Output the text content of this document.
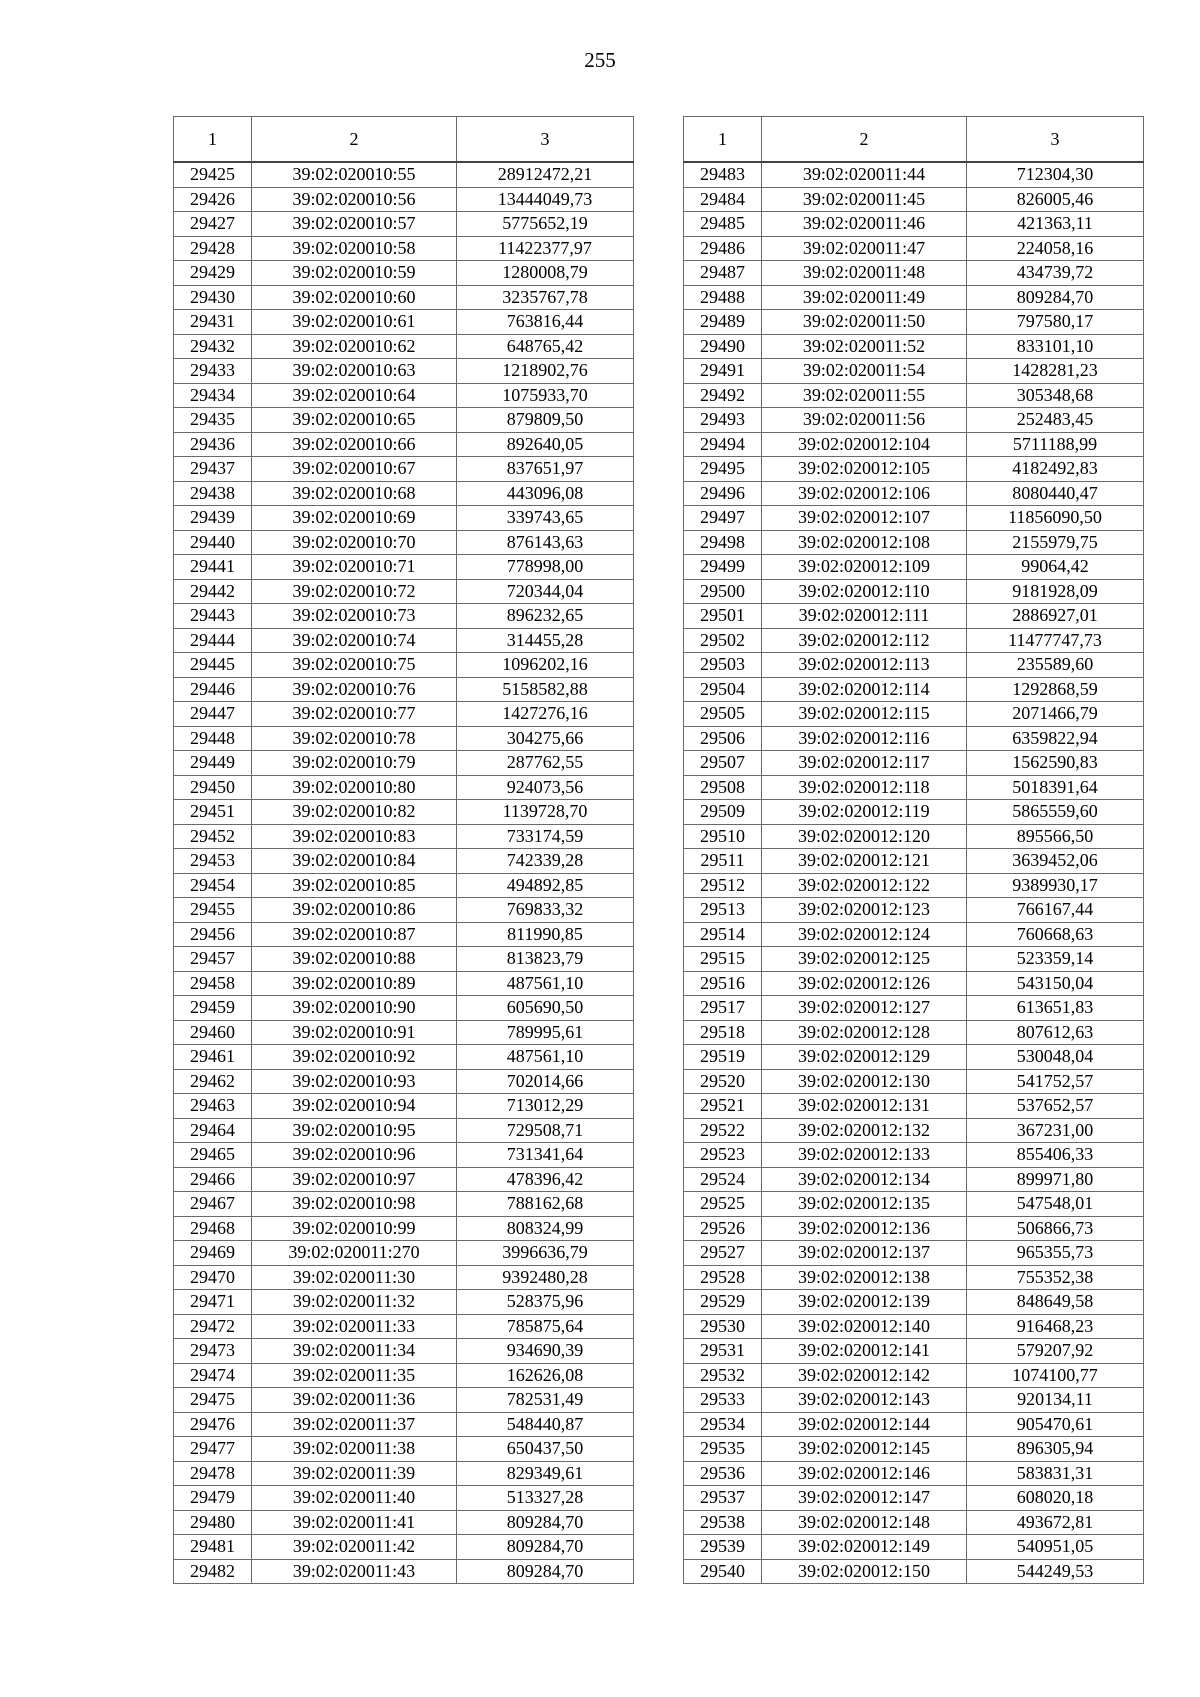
255
1	2	3
29425	39:02:020010:55	28912472,21
29426	39:02:020010:56	13444049,73
29427	39:02:020010:57	5775652,19
29428	39:02:020010:58	11422377,97
29429	39:02:020010:59	1280008,79
29430	39:02:020010:60	3235767,78
29431	39:02:020010:61	763816,44
29432	39:02:020010:62	648765,42
29433	39:02:020010:63	1218902,76
29434	39:02:020010:64	1075933,70
29435	39:02:020010:65	879809,50
29436	39:02:020010:66	892640,05
29437	39:02:020010:67	837651,97
29438	39:02:020010:68	443096,08
29439	39:02:020010:69	339743,65
29440	39:02:020010:70	876143,63
29441	39:02:020010:71	778998,00
29442	39:02:020010:72	720344,04
29443	39:02:020010:73	896232,65
29444	39:02:020010:74	314455,28
29445	39:02:020010:75	1096202,16
29446	39:02:020010:76	5158582,88
29447	39:02:020010:77	1427276,16
29448	39:02:020010:78	304275,66
29449	39:02:020010:79	287762,55
29450	39:02:020010:80	924073,56
29451	39:02:020010:82	1139728,70
29452	39:02:020010:83	733174,59
29453	39:02:020010:84	742339,28
29454	39:02:020010:85	494892,85
29455	39:02:020010:86	769833,32
29456	39:02:020010:87	811990,85
29457	39:02:020010:88	813823,79
29458	39:02:020010:89	487561,10
29459	39:02:020010:90	605690,50
29460	39:02:020010:91	789995,61
29461	39:02:020010:92	487561,10
29462	39:02:020010:93	702014,66
29463	39:02:020010:94	713012,29
29464	39:02:020010:95	729508,71
29465	39:02:020010:96	731341,64
29466	39:02:020010:97	478396,42
29467	39:02:020010:98	788162,68
29468	39:02:020010:99	808324,99
29469	39:02:020011:270	3996636,79
29470	39:02:020011:30	9392480,28
29471	39:02:020011:32	528375,96
29472	39:02:020011:33	785875,64
29473	39:02:020011:34	934690,39
29474	39:02:020011:35	162626,08
29475	39:02:020011:36	782531,49
29476	39:02:020011:37	548440,87
29477	39:02:020011:38	650437,50
29478	39:02:020011:39	829349,61
29479	39:02:020011:40	513327,28
29480	39:02:020011:41	809284,70
29481	39:02:020011:42	809284,70
29482	39:02:020011:43	809284,70
1	2	3
29483	39:02:020011:44	712304,30
29484	39:02:020011:45	826005,46
29485	39:02:020011:46	421363,11
29486	39:02:020011:47	224058,16
29487	39:02:020011:48	434739,72
29488	39:02:020011:49	809284,70
29489	39:02:020011:50	797580,17
29490	39:02:020011:52	833101,10
29491	39:02:020011:54	1428281,23
29492	39:02:020011:55	305348,68
29493	39:02:020011:56	252483,45
29494	39:02:020012:104	5711188,99
29495	39:02:020012:105	4182492,83
29496	39:02:020012:106	8080440,47
29497	39:02:020012:107	11856090,50
29498	39:02:020012:108	2155979,75
29499	39:02:020012:109	99064,42
29500	39:02:020012:110	9181928,09
29501	39:02:020012:111	2886927,01
29502	39:02:020012:112	11477747,73
29503	39:02:020012:113	235589,60
29504	39:02:020012:114	1292868,59
29505	39:02:020012:115	2071466,79
29506	39:02:020012:116	6359822,94
29507	39:02:020012:117	1562590,83
29508	39:02:020012:118	5018391,64
29509	39:02:020012:119	5865559,60
29510	39:02:020012:120	895566,50
29511	39:02:020012:121	3639452,06
29512	39:02:020012:122	9389930,17
29513	39:02:020012:123	766167,44
29514	39:02:020012:124	760668,63
29515	39:02:020012:125	523359,14
29516	39:02:020012:126	543150,04
29517	39:02:020012:127	613651,83
29518	39:02:020012:128	807612,63
29519	39:02:020012:129	530048,04
29520	39:02:020012:130	541752,57
29521	39:02:020012:131	537652,57
29522	39:02:020012:132	367231,00
29523	39:02:020012:133	855406,33
29524	39:02:020012:134	899971,80
29525	39:02:020012:135	547548,01
29526	39:02:020012:136	506866,73
29527	39:02:020012:137	965355,73
29528	39:02:020012:138	755352,38
29529	39:02:020012:139	848649,58
29530	39:02:020012:140	916468,23
29531	39:02:020012:141	579207,92
29532	39:02:020012:142	1074100,77
29533	39:02:020012:143	920134,11
29534	39:02:020012:144	905470,61
29535	39:02:020012:145	896305,94
29536	39:02:020012:146	583831,31
29537	39:02:020012:147	608020,18
29538	39:02:020012:148	493672,81
29539	39:02:020012:149	540951,05
29540	39:02:020012:150	544249,53
